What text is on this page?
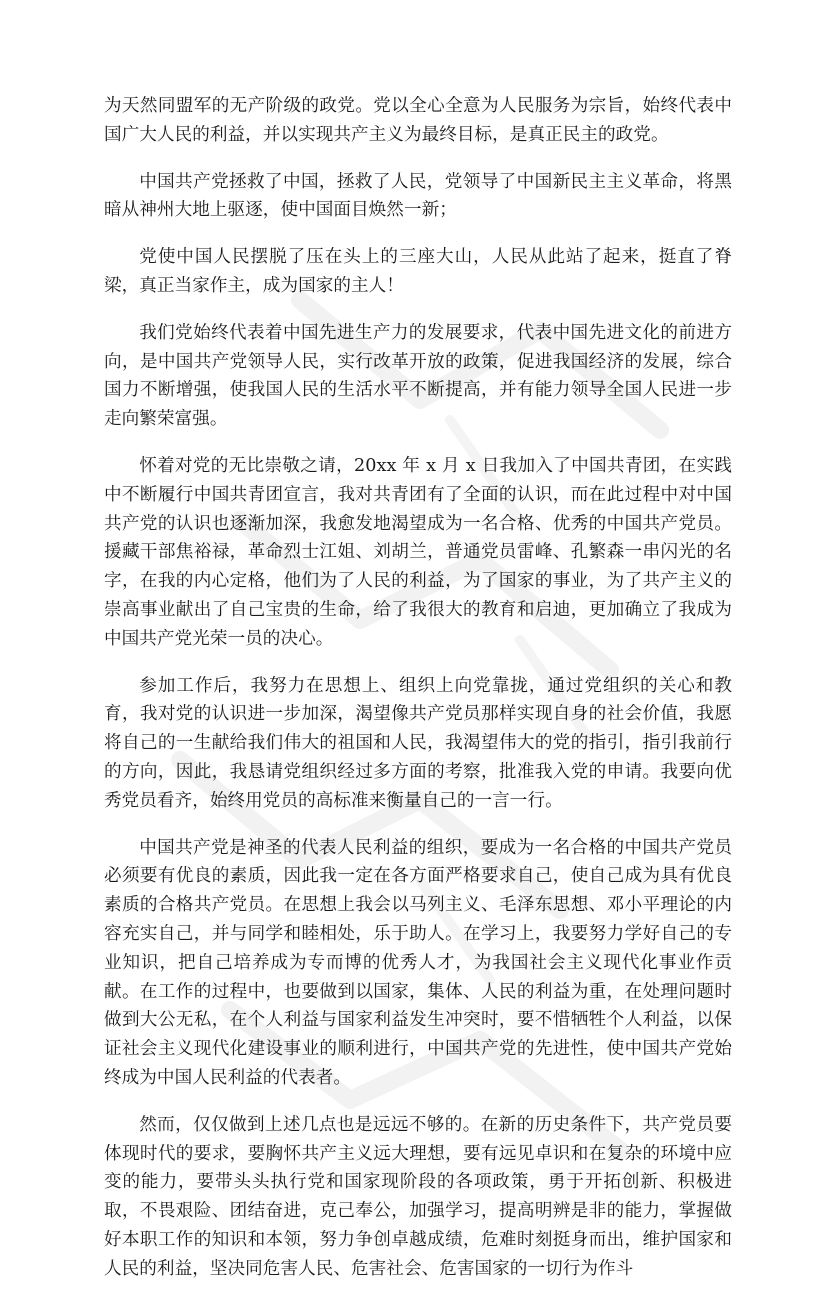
为天然同盟军的无产阶级的政党。党以全心全意为人民服务为宗旨，始终代表中国广大人民的利益，并以实现共产主义为最终目标，是真正民主的政党。

中国共产党拯救了中国，拯救了人民，党领导了中国新民主主义革命，将黑暗从神州大地上驱逐，使中国面目焕然一新；

党使中国人民摆脱了压在头上的三座大山，人民从此站了起来，挺直了脊梁，真正当家作主，成为国家的主人！

我们党始终代表着中国先进生产力的发展要求，代表中国先进文化的前进方向，是中国共产党领导人民，实行改革开放的政策，促进我国经济的发展，综合国力不断增强，使我国人民的生活水平不断提高，并有能力领导全国人民进一步走向繁荣富强。

怀着对党的无比崇敬之请，20xx 年 x 月 x 日我加入了中国共青团，在实践中不断履行中国共青团宣言，我对共青团有了全面的认识，而在此过程中对中国共产党的认识也逐渐加深，我愈发地渴望成为一名合格、优秀的中国共产党员。援藏干部焦裕禄，革命烈士江姐、刘胡兰，普通党员雷峰、孔繁森一串闪光的名字，在我的内心定格，他们为了人民的利益，为了国家的事业，为了共产主义的崇高事业献出了自己宝贵的生命，给了我很大的教育和启迪，更加确立了我成为中国共产党光荣一员的决心。

参加工作后，我努力在思想上、组织上向党靠拢，通过党组织的关心和教育，我对党的认识进一步加深，渴望像共产党员那样实现自身的社会价值，我愿将自己的一生献给我们伟大的祖国和人民，我渴望伟大的党的指引，指引我前行的方向，因此，我恳请党组织经过多方面的考察，批准我入党的申请。我要向优秀党员看齐，始终用党员的高标准来衡量自己的一言一行。

中国共产党是神圣的代表人民利益的组织，要成为一名合格的中国共产党员必须要有优良的素质，因此我一定在各方面严格要求自己，使自己成为具有优良素质的合格共产党员。在思想上我会以马列主义、毛泽东思想、邓小平理论的内容充实自己，并与同学和睦相处，乐于助人。在学习上，我要努力学好自己的专业知识，把自己培养成为专而博的优秀人才，为我国社会主义现代化事业作贡献。在工作的过程中，也要做到以国家，集体、人民的利益为重，在处理问题时做到大公无私，在个人利益与国家利益发生冲突时，要不惜牺牲个人利益，以保证社会主义现代化建设事业的顺利进行，中国共产党的先进性，使中国共产党始终成为中国人民利益的代表者。

然而，仅仅做到上述几点也是远远不够的。在新的历史条件下，共产党员要体现时代的要求，要胸怀共产主义远大理想，要有远见卓识和在复杂的环境中应变的能力，要带头头执行党和国家现阶段的各项政策，勇于开拓创新、积极进取，不畏艰险、团结奋进，克己奉公，加强学习，提高明辨是非的能力，掌握做好本职工作的知识和本领，努力争创卓越成绩，危难时刻挺身而出，维护国家和人民的利益，坚决同危害人民、危害社会、危害国家的一切行为作斗
